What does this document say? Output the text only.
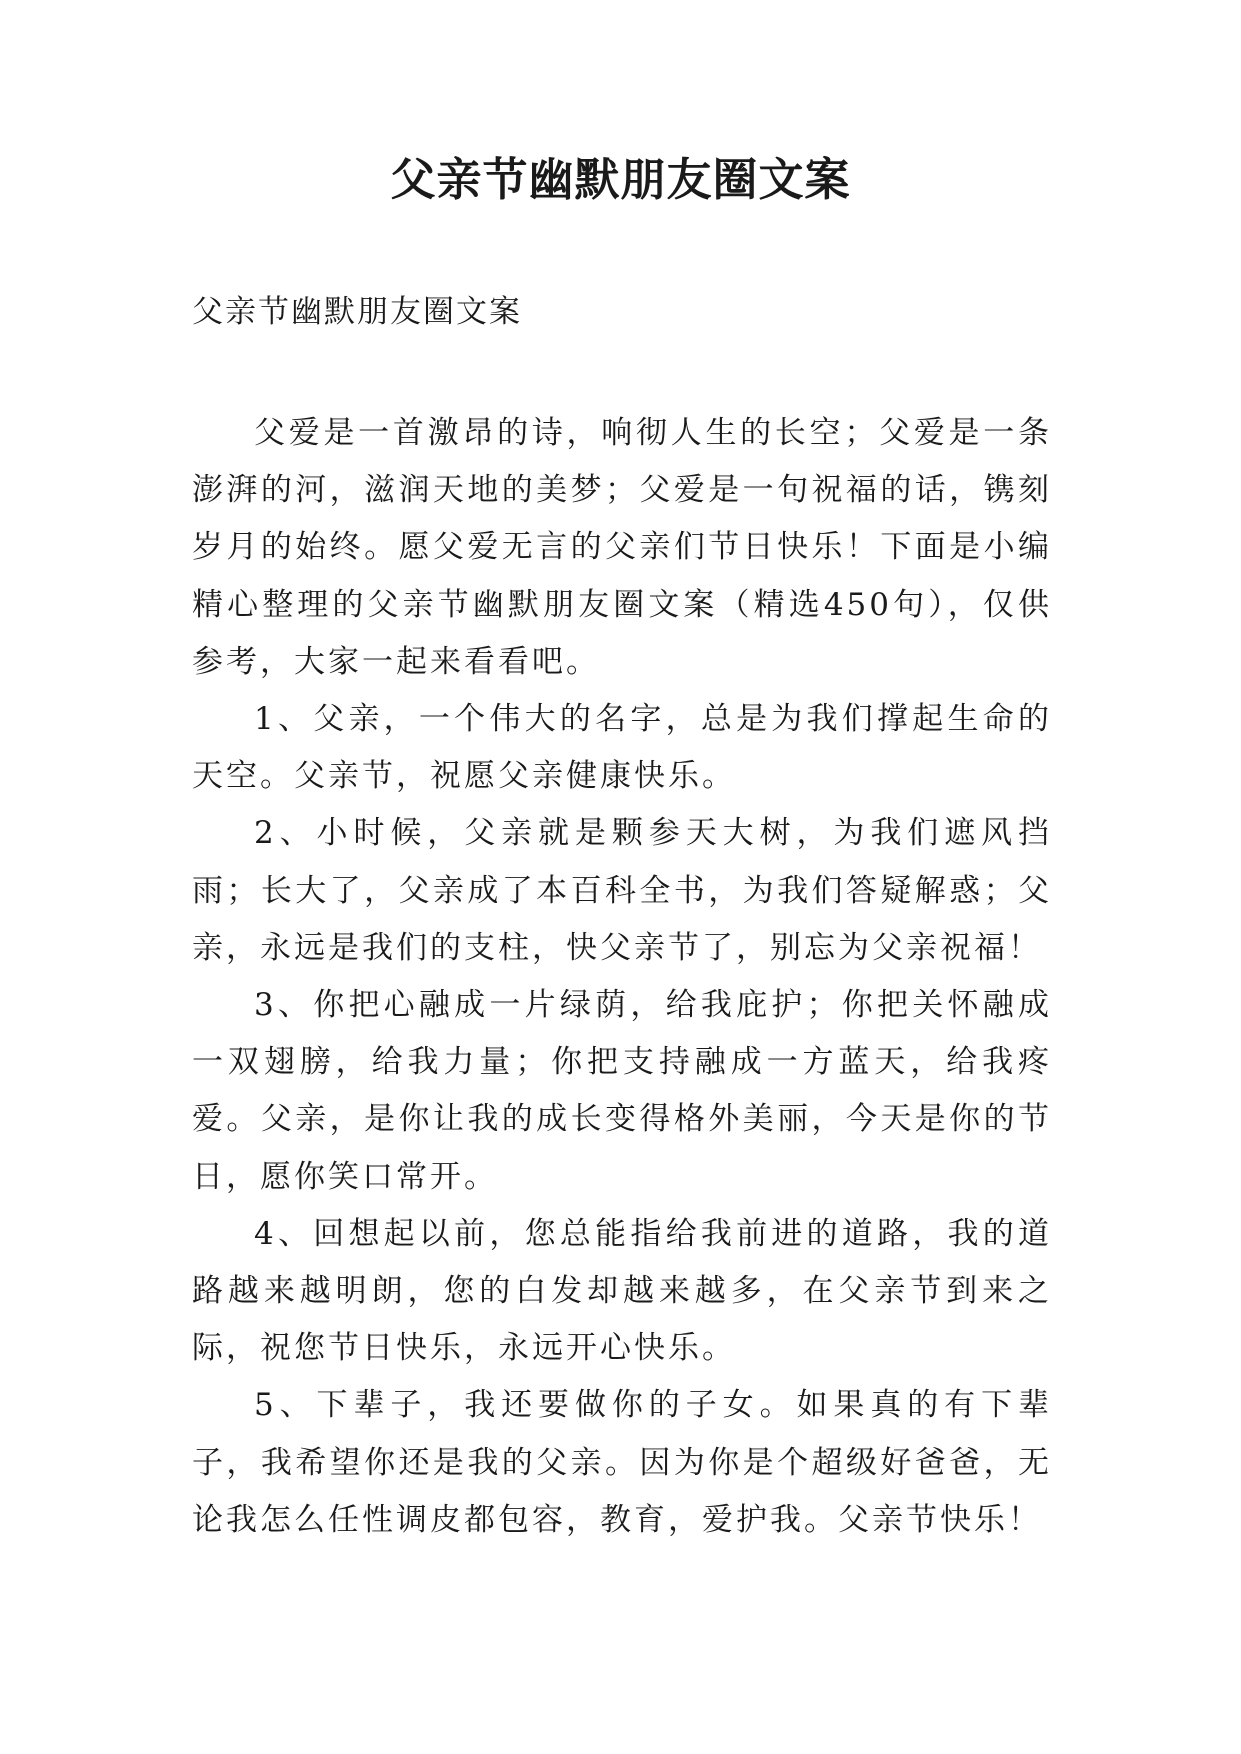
父亲节幽默朋友圈文案
父亲节幽默朋友圈文案

父爱是一首激昂的诗，响彻人生的长空；父爱是一条澎湃的河，滋润天地的美梦；父爱是一句祝福的话，镌刻岁月的始终。愿父爱无言的父亲们节日快乐！下面是小编精心整理的父亲节幽默朋友圈文案（精选450句），仅供参考，大家一起来看看吧。

1、父亲，一个伟大的名字，总是为我们撑起生命的天空。父亲节，祝愿父亲健康快乐。

2、小时候，父亲就是颗参天大树，为我们遮风挡雨；长大了，父亲成了本百科全书，为我们答疑解惑；父亲，永远是我们的支柱，快父亲节了，别忘为父亲祝福！

3、你把心融成一片绿荫，给我庇护；你把关怀融成一双翅膀，给我力量；你把支持融成一方蓝天，给我疼爱。父亲，是你让我的成长变得格外美丽，今天是你的节日，愿你笑口常开。

4、回想起以前，您总能指给我前进的道路，我的道路越来越明朗，您的白发却越来越多，在父亲节到来之际，祝您节日快乐，永远开心快乐。

5、下辈子，我还要做你的子女。如果真的有下辈子，我希望你还是我的父亲。因为你是个超级好爸爸，无论我怎么任性调皮都包容，教育，爱护我。父亲节快乐！
